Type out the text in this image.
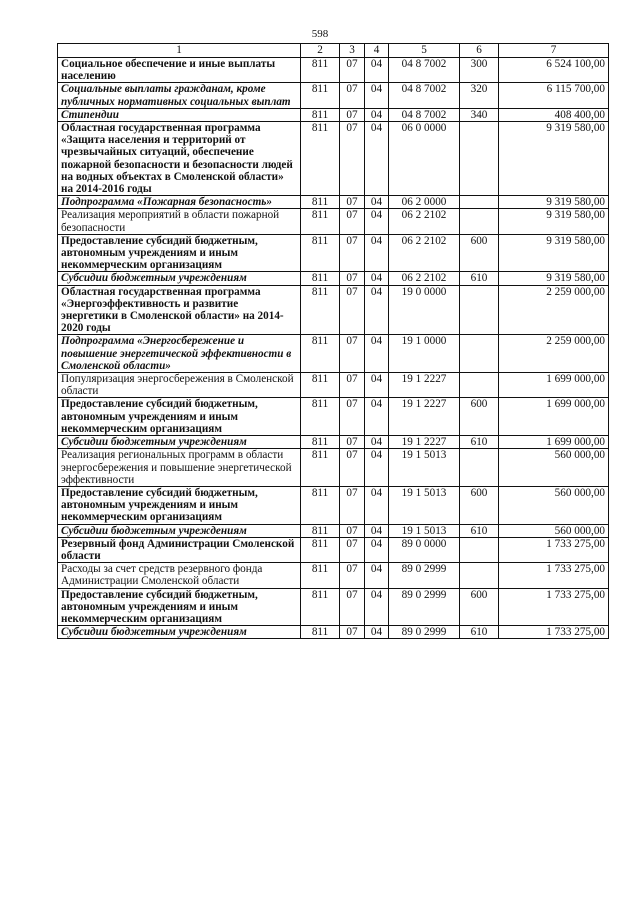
598
1	2	3	4	5	6	7
Социальное обеспечение и иные выплаты населению	811	07	04	04 8 7002	300	6 524 100,00
Социальные выплаты гражданам, кроме публичных нормативных социальных выплат	811	07	04	04 8 7002	320	6 115 700,00
Стипендии	811	07	04	04 8 7002	340	408 400,00
Областная государственная программа «Защита населения и территорий от чрезвычайных ситуаций, обеспечение пожарной безопасности и безопасности людей на водных объектах в Смоленской области» на 2014-2016 годы	811	07	04	06 0 0000		9 319 580,00
Подпрограмма «Пожарная безопасность»	811	07	04	06 2 0000		9 319 580,00
Реализация мероприятий в области пожарной безопасности	811	07	04	06 2 2102		9 319 580,00
Предоставление субсидий бюджетным, автономным учреждениям и иным некоммерческим организациям	811	07	04	06 2 2102	600	9 319 580,00
Субсидии бюджетным учреждениям	811	07	04	06 2 2102	610	9 319 580,00
Областная государственная программа «Энергоэффективность и развитие энергетики в Смоленской области» на 2014-2020 годы	811	07	04	19 0 0000		2 259 000,00
Подпрограмма «Энергосбережение и повышение энергетической эффективности в Смоленской области»	811	07	04	19 1 0000		2 259 000,00
Популяризация энергосбережения в Смоленской области	811	07	04	19 1 2227		1 699 000,00
Предоставление субсидий бюджетным, автономным учреждениям и иным некоммерческим организациям	811	07	04	19 1 2227	600	1 699 000,00
Субсидии бюджетным учреждениям	811	07	04	19 1 2227	610	1 699 000,00
Реализация региональных программ в области энергосбережения и повышение энергетической эффективности	811	07	04	19 1 5013		560 000,00
Предоставление субсидий бюджетным, автономным учреждениям и иным некоммерческим организациям	811	07	04	19 1 5013	600	560 000,00
Субсидии бюджетным учреждениям	811	07	04	19 1 5013	610	560 000,00
Резервный фонд Администрации Смоленской области	811	07	04	89 0 0000		1 733 275,00
Расходы за счет средств резервного фонда Администрации Смоленской области	811	07	04	89 0 2999		1 733 275,00
Предоставление субсидий бюджетным, автономным учреждениям и иным некоммерческим организациям	811	07	04	89 0 2999	600	1 733 275,00
Субсидии бюджетным учреждениям	811	07	04	89 0 2999	610	1 733 275,00
